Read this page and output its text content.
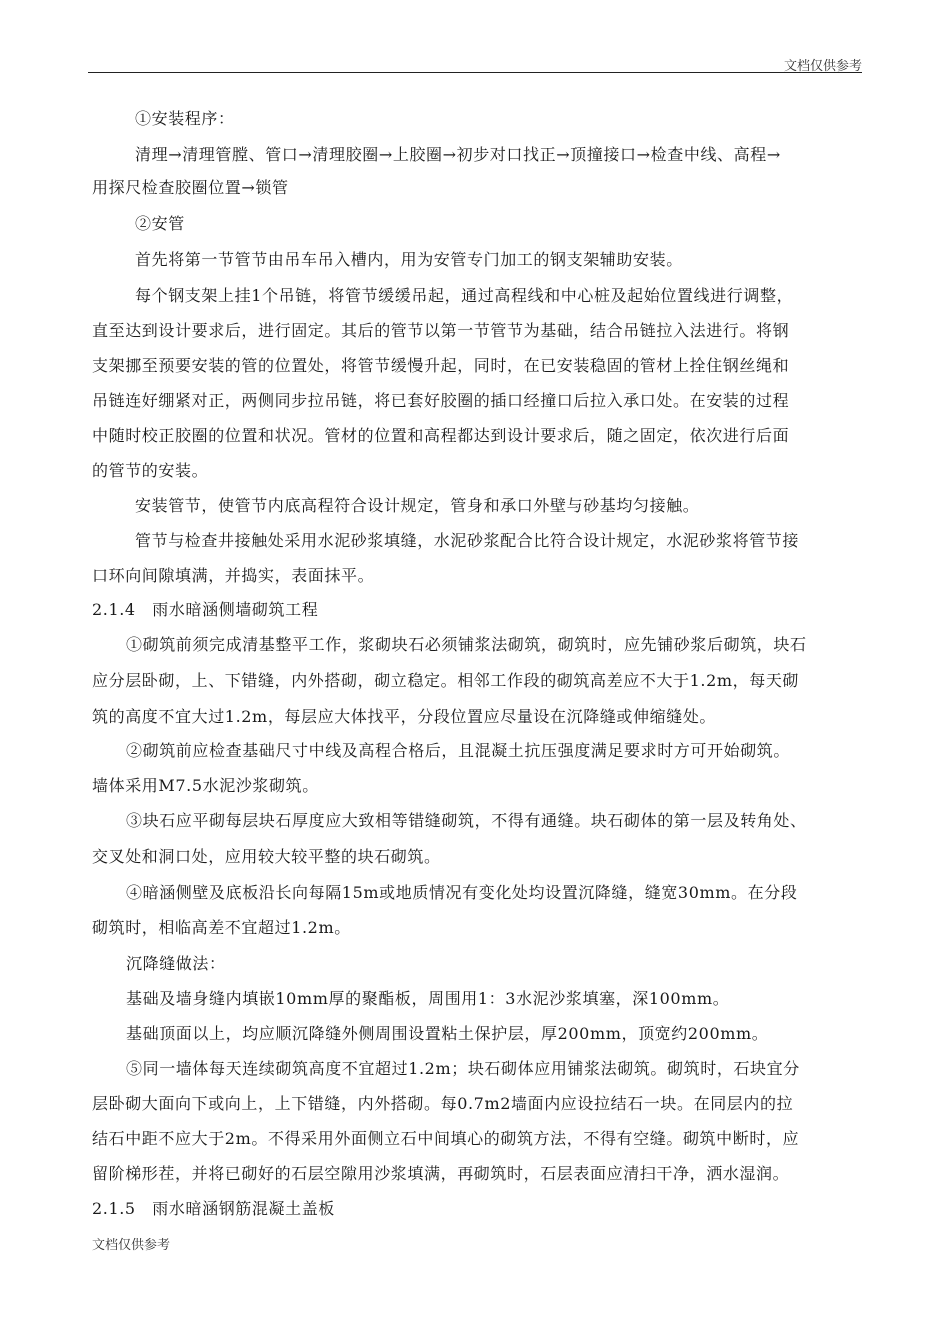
文档仅供参考
①安装程序：
清理→清理管膛、管口→清理胶圈→上胶圈→初步对口找正→顶撞接口→检查中线、高程→
用探尺检查胶圈位置→锁管
②安管
首先将第一节管节由吊车吊入槽内，用为安管专门加工的钢支架辅助安装。
每个钢支架上挂1个吊链，将管节缓缓吊起，通过高程线和中心桩及起始位置线进行调整，
直至达到设计要求后，进行固定。其后的管节以第一节管节为基础，结合吊链拉入法进行。将钢
支架挪至预要安装的管的位置处，将管节缓慢升起，同时，在已安装稳固的管材上拴住钢丝绳和
吊链连好绷紧对正，两侧同步拉吊链，将已套好胶圈的插口经撞口后拉入承口处。在安装的过程
中随时校正胶圈的位置和状况。管材的位置和高程都达到设计要求后，随之固定，依次进行后面
的管节的安装。
安装管节，使管节内底高程符合设计规定，管身和承口外壁与砂基均匀接触。
管节与检查井接触处采用水泥砂浆填缝，水泥砂浆配合比符合设计规定，水泥砂浆将管节接
口环向间隙填满，并捣实，表面抹平。
2.1.4　雨水暗涵侧墙砌筑工程
①砌筑前须完成清基整平工作，浆砌块石必须铺浆法砌筑，砌筑时，应先铺砂浆后砌筑，块石
应分层卧砌，上、下错缝，内外搭砌，砌立稳定。相邻工作段的砌筑高差应不大于1.2m，每天砌
筑的高度不宜大过1.2m，每层应大体找平，分段位置应尽量设在沉降缝或伸缩缝处。
②砌筑前应检查基础尺寸中线及高程合格后，且混凝土抗压强度满足要求时方可开始砌筑。
墙体采用M7.5水泥沙浆砌筑。
③块石应平砌每层块石厚度应大致相等错缝砌筑，不得有通缝。块石砌体的第一层及转角处、
交叉处和洞口处，应用较大较平整的块石砌筑。
④暗涵侧壁及底板沿长向每隔15m或地质情况有变化处均设置沉降缝，缝宽30mm。在分段
砌筑时，相临高差不宜超过1.2m。
沉降缝做法：
基础及墙身缝内填嵌10mm厚的聚酯板，周围用1：3水泥沙浆填塞，深100mm。
基础顶面以上，均应顺沉降缝外侧周围设置粘土保护层，厚200mm，顶宽约200mm。
⑤同一墙体每天连续砌筑高度不宜超过1.2m；块石砌体应用铺浆法砌筑。砌筑时，石块宜分
层卧砌大面向下或向上，上下错缝，内外搭砌。每0.7m2墙面内应设拉结石一块。在同层内的拉
结石中距不应大于2m。不得采用外面侧立石中间填心的砌筑方法，不得有空缝。砌筑中断时，应
留阶梯形茬，并将已砌好的石层空隙用沙浆填满，再砌筑时，石层表面应清扫干净，洒水湿润。
2.1.5　雨水暗涵钢筋混凝土盖板
文档仅供参考
